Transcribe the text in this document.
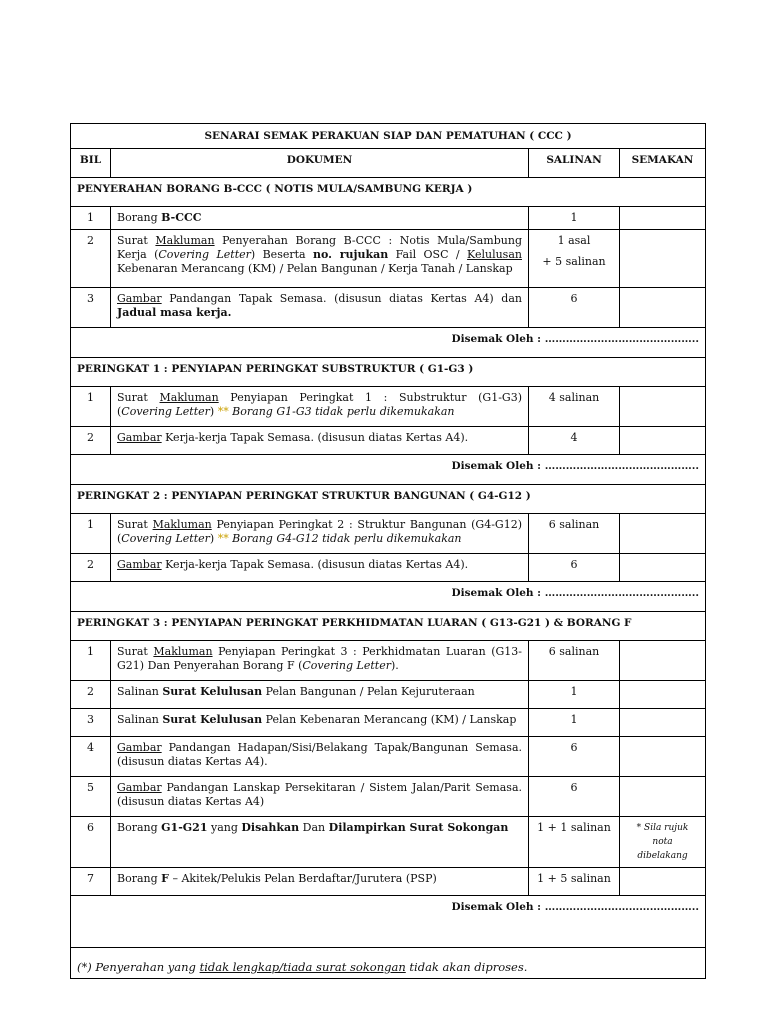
SENARAI SEMAK PERAKUAN SIAP DAN PEMATUHAN ( CCC )			
BIL	DOKUMEN	SALINAN	SEMAKAN
PENYERAHAN BORANG B-CCC ( NOTIS MULA/SAMBUNG KERJA )			
1	Borang B-CCC	1	

2	Surat Makluman Penyerahan Borang B-CCC : Notis Mula/Sambung Kerja (Covering Letter) Beserta no. rujukan Fail OSC / Kelulusan Kebenaran Merancang (KM) / Pelan Bangunan / Kerja Tanah / Lanskap	1 asal
+ 5 salinan	

3	Gambar Pandangan Tapak Semasa. (disusun diatas Kertas A4) dan Jadual masa kerja.	6	

Disemak Oleh : ……………………………………..			
PERINGKAT 1 : PENYIAPAN PERINGKAT SUBSTRUKTUR ( G1-G3 )			
1	Surat Makluman Penyiapan Peringkat 1 : Substruktur (G1-G3) (Covering Letter) ** Borang G1-G3 tidak perlu dikemukakan	4 salinan	

2	Gambar Kerja-kerja Tapak Semasa. (disusun diatas Kertas A4).	4	

Disemak Oleh : ……………………………………..			
PERINGKAT 2 : PENYIAPAN PERINGKAT STRUKTUR BANGUNAN ( G4-G12 )			
1	Surat Makluman Penyiapan Peringkat 2 : Struktur Bangunan (G4-G12) (Covering Letter) ** Borang G4-G12 tidak perlu dikemukakan	6 salinan	

2	Gambar Kerja-kerja Tapak Semasa. (disusun diatas Kertas A4).	6	

Disemak Oleh : ……………………………………..			
PERINGKAT 3 : PENYIAPAN PERINGKAT PERKHIDMATAN LUARAN ( G13-G21 ) & BORANG F			
1	Surat Makluman Penyiapan Peringkat 3 : Perkhidmatan Luaran (G13-G21) Dan Penyerahan Borang F (Covering Letter).	6 salinan	

2	Salinan Surat Kelulusan Pelan Bangunan / Pelan Kejuruteraan	1	

3	Salinan Surat Kelulusan Pelan Kebenaran Merancang (KM) / Lanskap	1	

4	Gambar Pandangan Hadapan/Sisi/Belakang Tapak/Bangunan Semasa. (disusun diatas Kertas A4).	6	

5	Gambar Pandangan Lanskap Persekitaran / Sistem Jalan/Parit Semasa. (disusun diatas Kertas A4)	6	

6	Borang G1-G21 yang Disahkan Dan Dilampirkan Surat Sokongan	1 + 1 salinan	* Sila rujuk nota dibelakang
7	Borang F – Akitek/Pelukis Pelan Berdaftar/Jurutera (PSP)	1 + 5 salinan	

Disemak Oleh : ……………………………………..			
(*) Penyerahan yang tidak lengkap/tiada surat sokongan tidak akan diproses.			
